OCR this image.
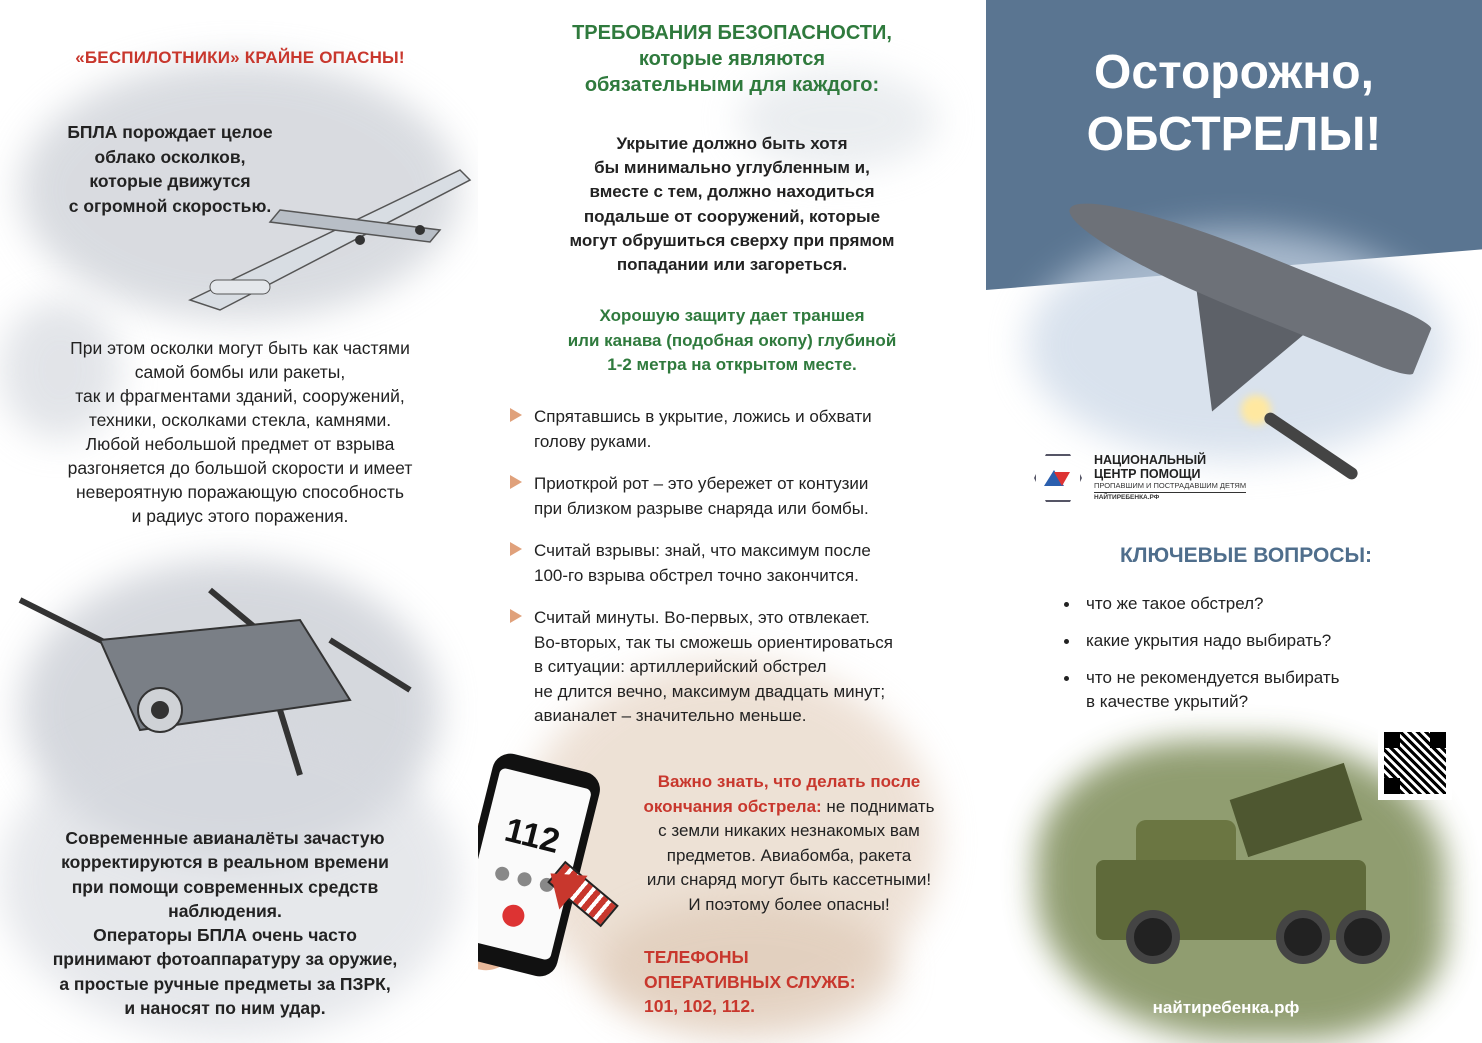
«БЕСПИЛОТНИКИ» КРАЙНЕ ОПАСНЫ!
БПЛА порождает целое
облако осколков,
которые движутся
с огромной скоростью.
При этом осколки могут быть как частями
самой бомбы или ракеты,
так и фрагментами зданий, сооружений,
техники, осколками стекла, камнями.
Любой небольшой предмет от взрыва
разгоняется до большой скорости и имеет
невероятную поражающую способность
и радиус этого поражения.
Современные авианалёты зачастую
корректируются в реальном времени
при помощи современных средств
наблюдения.
Операторы БПЛА очень часто
принимают фотоаппаратуру за оружие,
а простые ручные предметы за ПЗРК,
и наносят по ним удар.
ТРЕБОВАНИЯ БЕЗОПАСНОСТИ,
которые являются
обязательными для каждого:
Укрытие должно быть хотя
бы минимально углубленным и,
вместе с тем, должно находиться
подальше от сооружений, которые
могут обрушиться сверху при прямом
попадании или загореться.
Хорошую защиту дает траншея
или канава (подобная окопу) глубиной
1-2 метра на открытом месте.
Спрятавшись в укрытие, ложись и обхвати
голову руками.
Приоткрой рот – это убережет от контузии
при близком разрыве снаряда или бомбы.
Считай взрывы: знай, что максимум после
100-го взрыва обстрел точно закончится.
Считай минуты. Во-первых, это отвлекает.
Во-вторых, так ты сможешь ориентироваться
в ситуации: артиллерийский обстрел
не длится вечно, максимум двадцать минут;
авианалет – значительно меньше.
112
Важно знать, что делать после
окончания обстрела: не поднимать
с земли никаких незнакомых вам
предметов. Авиабомба, ракета
или снаряд могут быть кассетными!
И поэтому более опасны!
ТЕЛЕФОНЫ
ОПЕРАТИВНЫХ СЛУЖБ:
101, 102, 112.
Осторожно,
ОБСТРЕЛЫ!
НАЦИОНАЛЬНЫЙ
ЦЕНТР ПОМОЩИ
ПРОПАВШИМ И ПОСТРАДАВШИМ ДЕТЯМ
НАЙТИРЕБЕНКА.РФ
КЛЮЧЕВЫЕ ВОПРОСЫ:
что же такое обстрел?
какие укрытия надо выбирать?
что не рекомендуется выбирать
в качестве укрытий?
найтиребенка.рф
